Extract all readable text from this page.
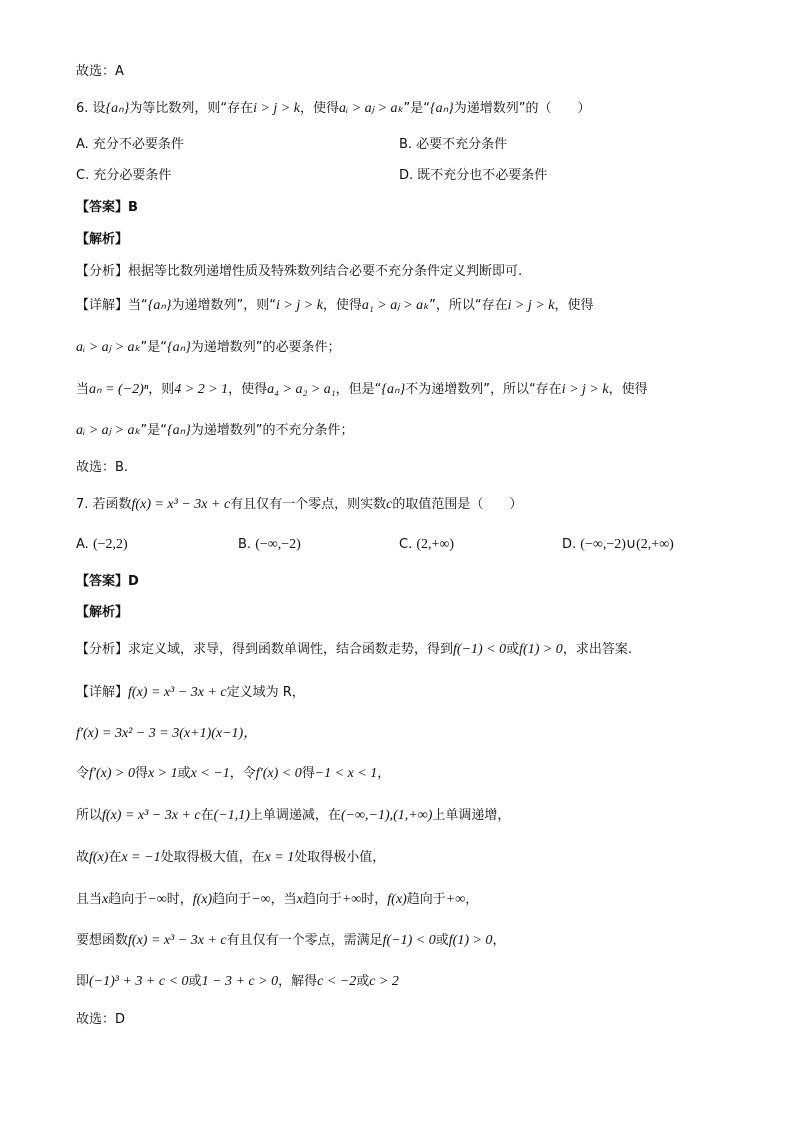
故选：A
6. 设{aₙ}为等比数列，则“存在i > j > k，使得aᵢ > aⱼ > aₖ”是“{aₙ}为递增数列”的（　　）
A. 充分不必要条件	B. 必要不充分条件
C. 充分必要条件	D. 既不充分也不必要条件
【答案】B
【解析】
【分析】根据等比数列递增性质及特殊数列结合必要不充分条件定义判断即可.
【详解】当“{aₙ}为递增数列”，则“i > j > k，使得a₁ > aⱼ > aₖ”，所以“存在i > j > k，使得
aᵢ > aⱼ > aₖ”是“{aₙ}为递增数列”的必要条件；
当aₙ = (−2)ⁿ，则4 > 2 > 1，使得a₄ > a₂ > a₁，但是“{aₙ}不为递增数列”，所以“存在i > j > k，使得
aᵢ > aⱼ > aₖ”是“{aₙ}为递增数列”的不充分条件；
故选：B.
7. 若函数f(x) = x³ − 3x + c有且仅有一个零点，则实数c的取值范围是（　　）
A. (−2,2)	B. (−∞,−2)	C. (2,+∞)	D. (−∞,−2)∪(2,+∞)
【答案】D
【解析】
【分析】求定义域，求导，得到函数单调性，结合函数走势，得到f(−1) < 0或f(1) > 0，求出答案.
【详解】f(x) = x³ − 3x + c定义域为 R，
f′(x) = 3x² − 3 = 3(x+1)(x−1)，
令f′(x) > 0得x > 1或x < −1，令f′(x) < 0得−1 < x < 1，
所以f(x) = x³ − 3x + c在(−1,1)上单调递减，在(−∞,−1),(1,+∞)上单调递增，
故f(x)在x = −1处取得极大值，在x = 1处取得极小值，
且当x趋向于−∞时，f(x)趋向于−∞，当x趋向于+∞时，f(x)趋向于+∞，
要想函数f(x) = x³ − 3x + c有且仅有一个零点，需满足f(−1) < 0或f(1) > 0，
即(−1)³ + 3 + c < 0或1 − 3 + c > 0，解得c < −2或c > 2
故选：D
